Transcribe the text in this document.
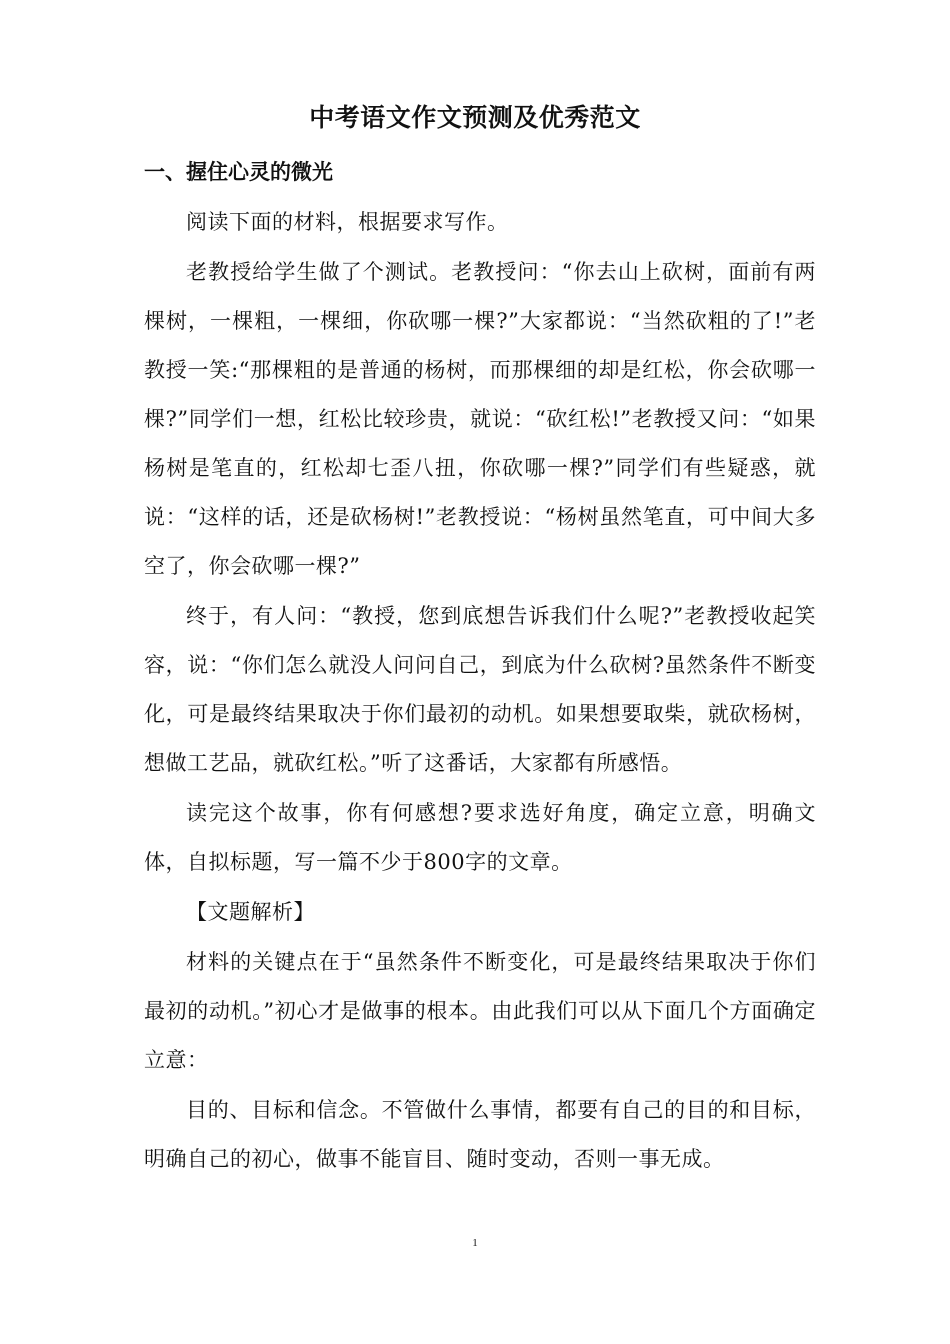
中考语文作文预测及优秀范文
一、握住心灵的微光

阅读下面的材料，根据要求写作。

老教授给学生做了个测试。老教授问：“你去山上砍树，面前有两棵树，一棵粗，一棵细，你砍哪一棵?”大家都说：“当然砍粗的了!”老教授一笑:“那棵粗的是普通的杨树，而那棵细的却是红松，你会砍哪一棵?”同学们一想，红松比较珍贵，就说：“砍红松!”老教授又问：“如果杨树是笔直的，红松却七歪八扭，你砍哪一棵?”同学们有些疑惑，就说：“这样的话，还是砍杨树!”老教授说：“杨树虽然笔直，可中间大多空了，你会砍哪一棵?”

终于，有人问：“教授，您到底想告诉我们什么呢?”老教授收起笑容，说：“你们怎么就没人问问自己，到底为什么砍树?虽然条件不断变化，可是最终结果取决于你们最初的动机。如果想要取柴，就砍杨树，想做工艺品，就砍红松。”听了这番话，大家都有所感悟。

读完这个故事，你有何感想?要求选好角度，确定立意，明确文体，自拟标题，写一篇不少于800字的文章。

【文题解析】

材料的关键点在于“虽然条件不断变化，可是最终结果取决于你们最初的动机。”初心才是做事的根本。由此我们可以从下面几个方面确定立意：

目的、目标和信念。不管做什么事情，都要有自己的目的和目标，明确自己的初心，做事不能盲目、随时变动，否则一事无成。

1
